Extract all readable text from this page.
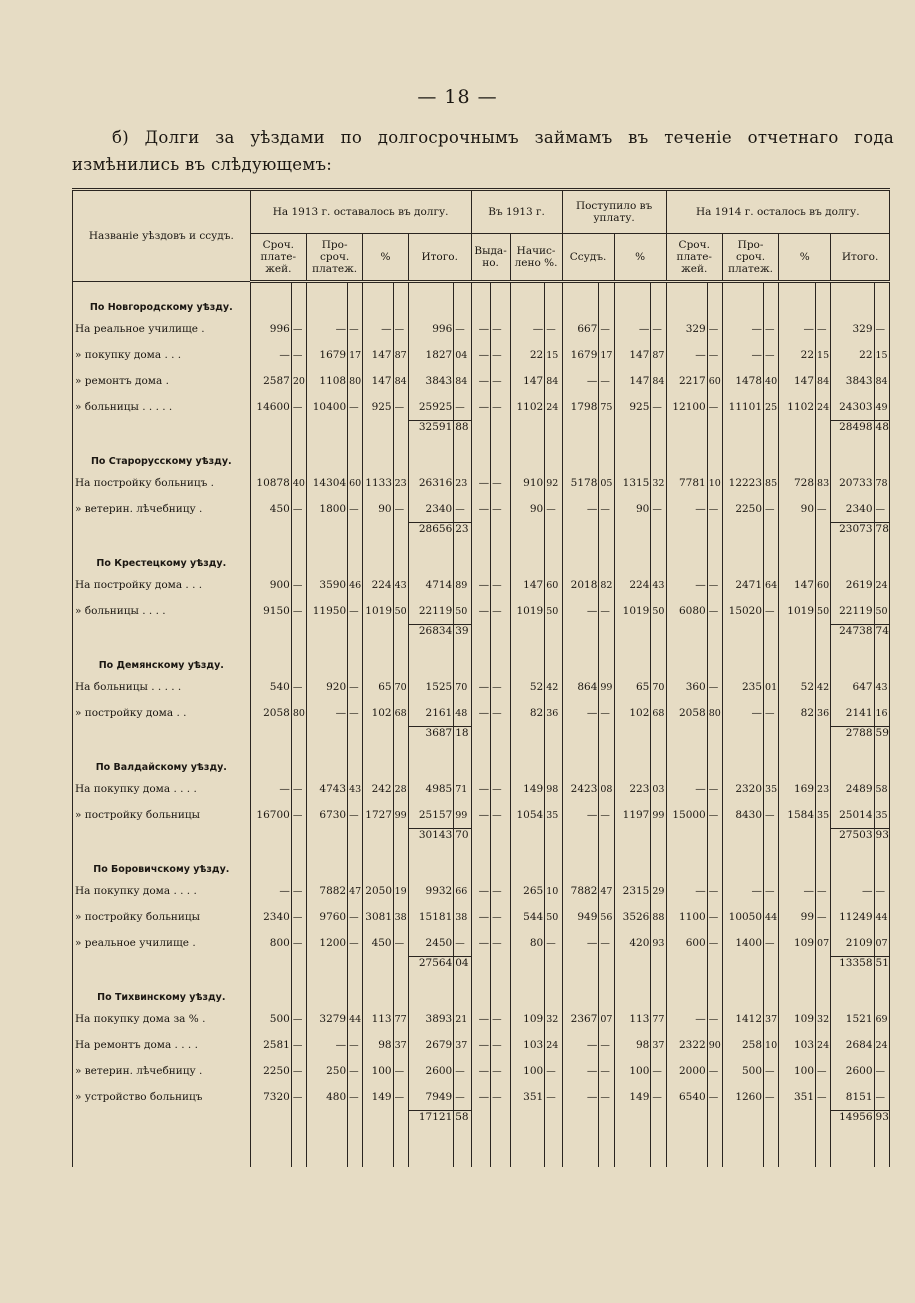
— 18 —
б) Долги за уѣздами по долгосрочнымъ займамъ въ теченіе отчетнаго года измѣнились въ слѣдующемъ:
Названіе уѣздовъ и ссудъ.	На 1913 г. оставалось въ долгу.								Въ 1913 г.				Поступило въ уплату.				На 1914 г. осталось въ долгу.							
	Сроч. платежей.		Просроч. платеж.		%		Итого.		Выдано.		Начислено %.		Ссудъ.		%		Сроч. платежей.		Просроч. платеж.		%		Итого.	
По Новгородскому уѣзду.																								
На реальное училище .	996	—	—	—	—	—	996	—	—	—	—	—	667	—	—	—	329	—	—	—	—	—	329	—
» покупку дома . . .	—	—	1679	17	147	87	1827	04	—	—	22	15	1679	17	147	87	—	—	—	—	22	15	22	15
» ремонтъ дома .	2587	20	1108	80	147	84	3843	84	—	—	147	84	—	—	147	84	2217	60	1478	40	147	84	3843	84
» больницы . . . . .	14600	—	10400	—	925	—	25925	—	—	—	1102	24	1798	75	925	—	12100	—	11101	25	1102	24	24303	49
							32591	88															28498	48
По Старорусскому уѣзду.																								
На постройку больницъ .	10878	40	14304	60	1133	23	26316	23	—	—	910	92	5178	05	1315	32	7781	10	12223	85	728	83	20733	78
» ветерин. лѣчебницу .	450	—	1800	—	90	—	2340	—	—	—	90	—	—	—	90	—	—	—	2250	—	90	—	2340	—
							28656	23															23073	78
По Крестецкому уѣзду.																								
На постройку дома . . .	900	—	3590	46	224	43	4714	89	—	—	147	60	2018	82	224	43	—	—	2471	64	147	60	2619	24
» больницы . . . .	9150	—	11950	—	1019	50	22119	50	—	—	1019	50	—	—	1019	50	6080	—	15020	—	1019	50	22119	50
							26834	39															24738	74
По Демянскому уѣзду.																								
На больницы . . . . .	540	—	920	—	65	70	1525	70	—	—	52	42	864	99	65	70	360	—	235	01	52	42	647	43
» постройку дома . .	2058	80	—	—	102	68	2161	48	—	—	82	36	—	—	102	68	2058	80	—	—	82	36	2141	16
							3687	18															2788	59
По Валдайскому уѣзду.																								
На покупку дома . . . .	—	—	4743	43	242	28	4985	71	—	—	149	98	2423	08	223	03	—	—	2320	35	169	23	2489	58
» постройку больницы	16700	—	6730	—	1727	99	25157	99	—	—	1054	35	—	—	1197	99	15000	—	8430	—	1584	35	25014	35
							30143	70															27503	93
По Боровичскому уѣзду.																								
На покупку дома . . . .	—	—	7882	47	2050	19	9932	66	—	—	265	10	7882	47	2315	29	—	—	—	—	—	—	—	—
» постройку больницы	2340	—	9760	—	3081	38	15181	38	—	—	544	50	949	56	3526	88	1100	—	10050	44	99	—	11249	44
» реальное училище .	800	—	1200	—	450	—	2450	—	—	—	80	—	—	—	420	93	600	—	1400	—	109	07	2109	07
							27564	04															13358	51
По Тихвинскому уѣзду.																								
На покупку дома за % .	500	—	3279	44	113	77	3893	21	—	—	109	32	2367	07	113	77	—	—	1412	37	109	32	1521	69
На ремонтъ дома . . . .	2581	—	—	—	98	37	2679	37	—	—	103	24	—	—	98	37	2322	90	258	10	103	24	2684	24
» ветерин. лѣчебницу .	2250	—	250	—	100	—	2600	—	—	—	100	—	—	—	100	—	2000	—	500	—	100	—	2600	—
» устройство больницъ	7320	—	480	—	149	—	7949	—	—	—	351	—	—	—	149	—	6540	—	1260	—	351	—	8151	—
							17121	58															14956	93
